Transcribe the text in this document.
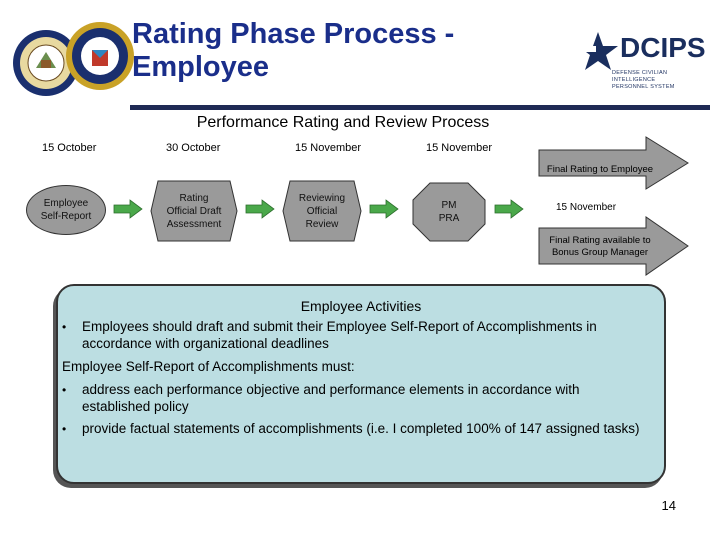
Rating Phase Process -
Employee
DCIPS
DEFENSE CIVILIAN INTELLIGENCE
PERSONNEL SYSTEM
Performance Rating and Review Process
15 October	30 October	15 November	15 November
Employee Self-Report
Rating Official Draft Assessment
Reviewing Official Review
PM PRA
Final Rating to Employee
15 November
Final Rating available to Bonus Group Manager
Employee Activities
• Employees should draft and submit their Employee Self-Report of Accomplishments in accordance with organizational deadlines
Employee Self-Report of Accomplishments must:
• address each performance objective and performance elements in accordance with established policy
• provide factual statements of accomplishments (i.e. I completed 100% of 147 assigned tasks)
14
